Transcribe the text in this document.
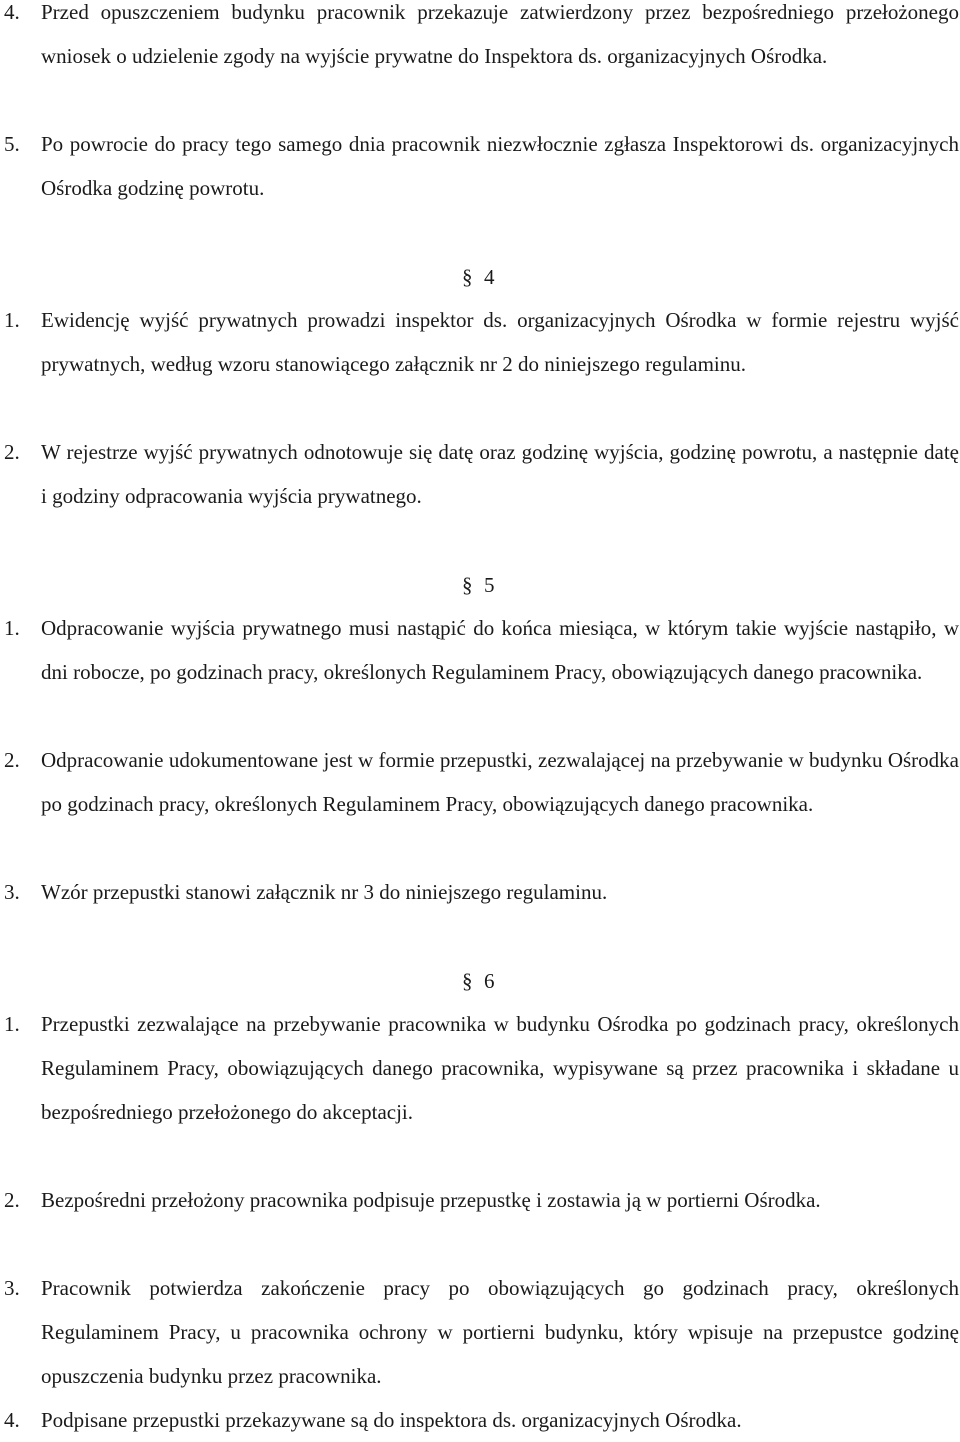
4.	Przed opuszczeniem budynku pracownik przekazuje zatwierdzony przez bezpośredniego przełożonego wniosek o udzielenie zgody na wyjście prywatne do Inspektora ds. organizacyjnych Ośrodka.
5.	Po powrocie do pracy tego samego dnia pracownik niezwłocznie zgłasza Inspektorowi ds. organizacyjnych Ośrodka godzinę powrotu.
§ 4
1.	Ewidencję wyjść prywatnych prowadzi inspektor ds. organizacyjnych Ośrodka w formie rejestru wyjść prywatnych, według wzoru stanowiącego załącznik nr 2 do niniejszego regulaminu.
2.	W rejestrze wyjść prywatnych odnotowuje się datę oraz godzinę wyjścia, godzinę powrotu, a następnie datę i godziny odpracowania wyjścia prywatnego.
§ 5
1.	Odpracowanie wyjścia prywatnego musi nastąpić do końca miesiąca, w którym takie wyjście nastąpiło, w dni robocze, po godzinach pracy, określonych Regulaminem Pracy, obowiązujących danego pracownika.
2.	Odpracowanie udokumentowane jest w formie przepustki, zezwalającej na przebywanie w budynku Ośrodka po godzinach pracy, określonych Regulaminem Pracy, obowiązujących danego pracownika.
3.	Wzór przepustki stanowi załącznik nr 3 do niniejszego regulaminu.
§ 6
1.	Przepustki zezwalające na przebywanie pracownika w budynku Ośrodka po godzinach pracy, określonych Regulaminem Pracy, obowiązujących danego pracownika, wypisywane są przez pracownika i składane u bezpośredniego przełożonego do akceptacji.
2.	Bezpośredni przełożony pracownika podpisuje przepustkę i zostawia ją w portierni Ośrodka.
3.	Pracownik potwierdza zakończenie pracy po obowiązujących go godzinach pracy, określonych Regulaminem Pracy, u pracownika ochrony w portierni budynku, który wpisuje na przepustce godzinę opuszczenia budynku przez pracownika.
4.	Podpisane przepustki przekazywane są do inspektora ds. organizacyjnych Ośrodka.
